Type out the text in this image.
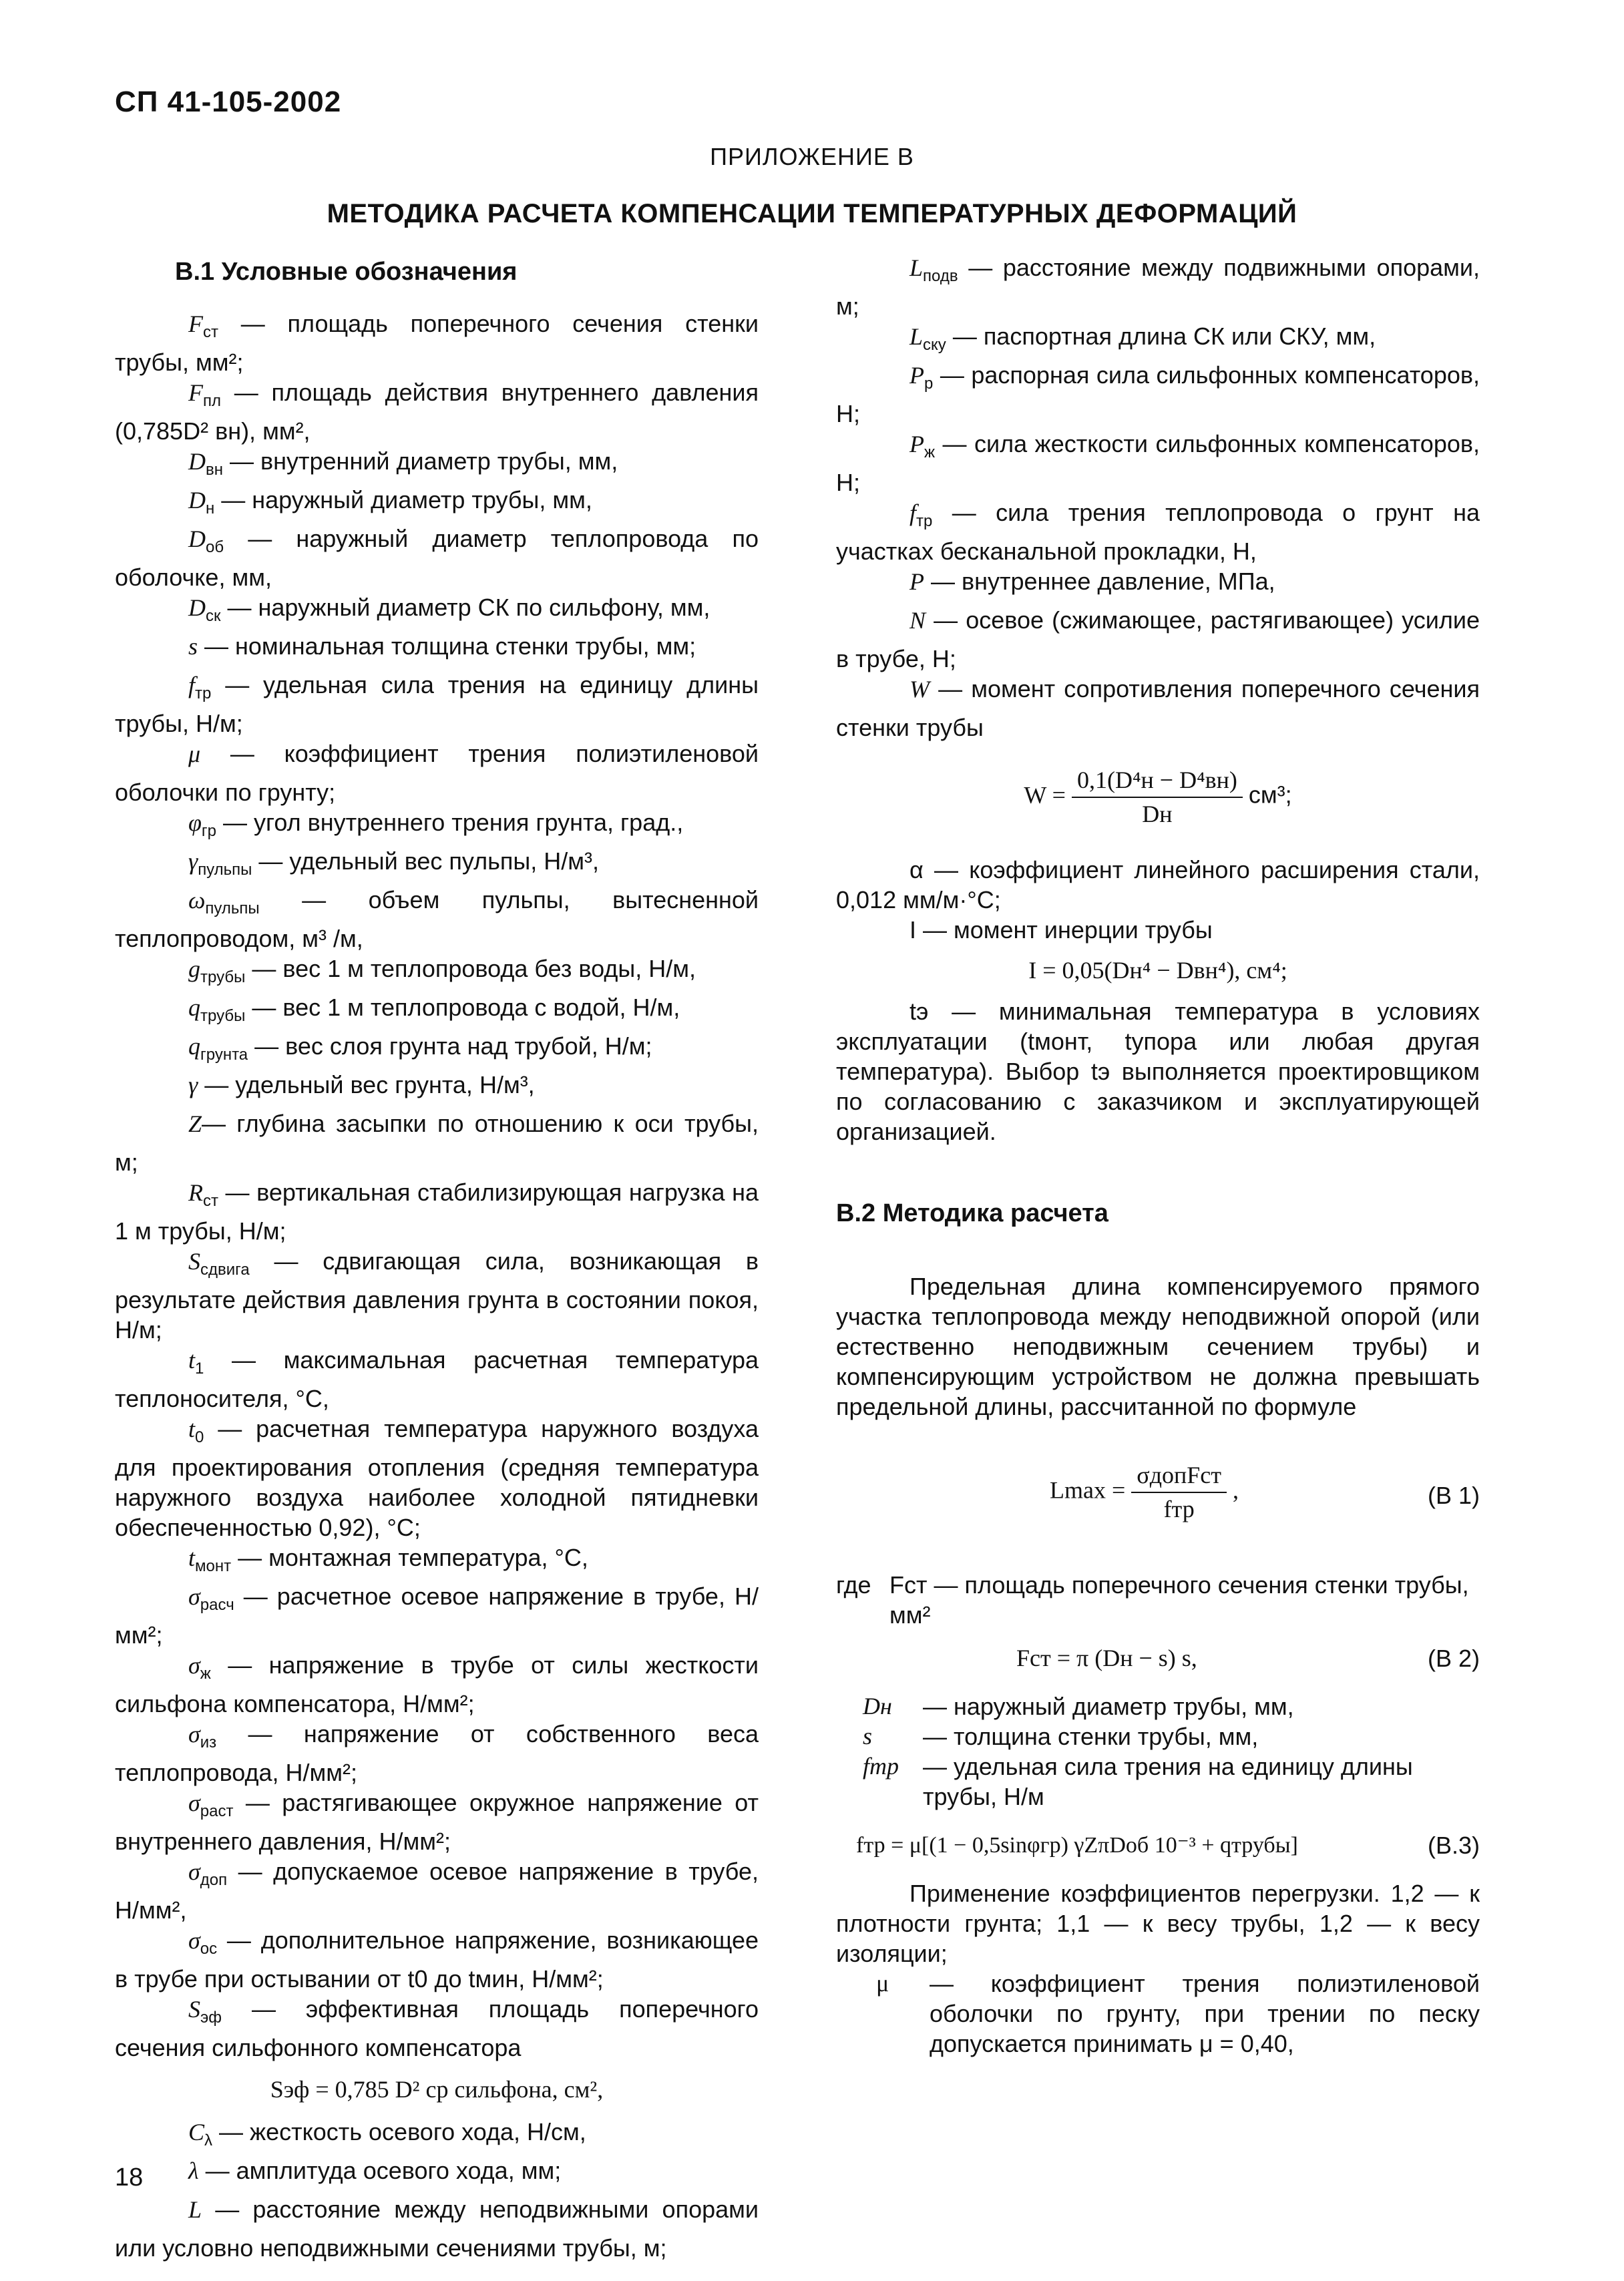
СП 41-105-2002
ПРИЛОЖЕНИЕ В
МЕТОДИКА РАСЧЕТА КОМПЕНСАЦИИ ТЕМПЕРАТУРНЫХ ДЕФОРМАЦИЙ
В.1 Условные обозначения

$F_{ст}$ — площадь поперечного сечения стенки трубы, мм²;

$F_{пл}$ — площадь действия внутреннего давления (0,785D² вн), мм²,

$D_{вн}$ — внутренний диаметр трубы, мм,

$D_н$ — наружный диаметр трубы, мм,

$D_{об}$ — наружный диаметр теплопровода по оболочке, мм,

$D_{ск}$ — наружный диаметр СК по сильфону, мм,

s — номинальная толщина стенки трубы, мм;

$f_{тр}$ — удельная сила трения на единицу длины трубы, Н/м;

μ — коэффициент трения полиэтиленовой оболочки по грунту;

$\varphi_{гр}$ — угол внутреннего трения грунта, град.,

$\gamma_{пульпы}$ — удельный вес пульпы, Н/м³,

$\omega_{пульпы}$ — объем пульпы, вытесненной теплопроводом, м³ /м,

$g_{трубы}$ — вес 1 м теплопровода без воды, Н/м,

$q_{трубы}$ — вес 1 м теплопровода с водой, Н/м,

$q_{грунта}$ — вес слоя грунта над трубой, Н/м;

γ — удельный вес грунта, Н/м³,

Z— глубина засыпки по отношению к оси трубы, м;

$R_{ст}$ — вертикальная стабилизирующая нагрузка на 1 м трубы, Н/м;

$S_{сдвига}$ — сдвигающая сила, возникающая в результате действия давления грунта в состоянии покоя, Н/м;

$t_1$ — максимальная расчетная температура теплоносителя, °С,

$t_0$ — расчетная температура наружного воздуха для проектирования отопления (средняя температура наружного воздуха наиболее холодной пятидневки обеспеченностью 0,92), °С;

$t_{монт}$ — монтажная температура, °С,

$\sigma_{расч}$ — расчетное осевое напряжение в трубе, Н/мм²;

$\sigma_ж$ — напряжение в трубе от силы жесткости сильфона компенсатора, Н/мм²;

$\sigma_{из}$ — напряжение от собственного веса теплопровода, Н/мм²;

$\sigma_{раст}$ — растягивающее окружное напряжение от внутреннего давления, Н/мм²;

$\sigma_{доп}$ — допускаемое осевое напряжение в трубе, Н/мм²,

$\sigma_{ос}$ — дополнительное напряжение, возникающее в трубе при остывании от t0 до tмин, Н/мм²;

$S_{эф}$ — эффективная площадь поперечного сечения сильфонного компенсатора

Sэф = 0,785 D² ср сильфона, см²,

$C_\lambda$ — жесткость осевого хода, Н/см,

λ — амплитуда осевого хода, мм;

L — расстояние между неподвижными опорами или условно неподвижными сечениями трубы, м;

$L_{подв}$ — расстояние между подвижными опорами, м;

$L_{ску}$ — паспортная длина СК или СКУ, мм,

$P_р$ — распорная сила сильфонных компенсаторов, Н;

$P_ж$ — сила жесткости сильфонных компенсаторов, Н;

$f_{тр}$ — сила трения теплопровода о грунт на участках бесканальной прокладки, Н,

P — внутреннее давление, МПа,

N — осевое (сжимающее, растягивающее) усилие в трубе, Н;

W — момент сопротивления поперечного сечения стенки трубы

$W = \frac{\text{0,1(D⁴н − D⁴вн)}}{Dн} см^3$;

α — коэффициент линейного расширения стали, 0,012 мм/м·°С;

I — момент инерции трубы

I = 0,05(Dн⁴ − Dвн⁴), см⁴;

tэ — минимальная температура в условиях эксплуатации (tмонт, tупора или любая другая температура). Выбор tэ выполняется проектировщиком по согласованию с заказчиком и эксплуатирующей организацией.

В.2 Методика расчета

Предельная длина компенсируемого прямого участка теплопровода между неподвижной опорой (или естественно неподвижным сечением трубы) и компенсирующим устройством не должна превышать предельной длины, рассчитанной по формуле

$Lmax = \frac{\text{σдопFст}}{\text{fтр}}$ ,	(В 1)
где Fст — площадь поперечного сечения стенки трубы, мм²
Fст = π (Dн − s) s,	(В 2)
Dн	— наружный диаметр трубы, мм,
s	— толщина стенки трубы, мм,
fтр	— удельная сила трения на единицу длины трубы, Н/м
fтр = μ[(1 − 0,5sinφгр) γZπDоб 10⁻³ + qтрубы]	(В.3)

Применение коэффициентов перегрузки. 1,2 — к плотности грунта; 1,1 — к весу трубы, 1,2 — к весу изоляции;

μ	— коэффициент трения полиэтиленовой оболочки по грунту, при трении по песку допускается принимать μ = 0,40,
18
